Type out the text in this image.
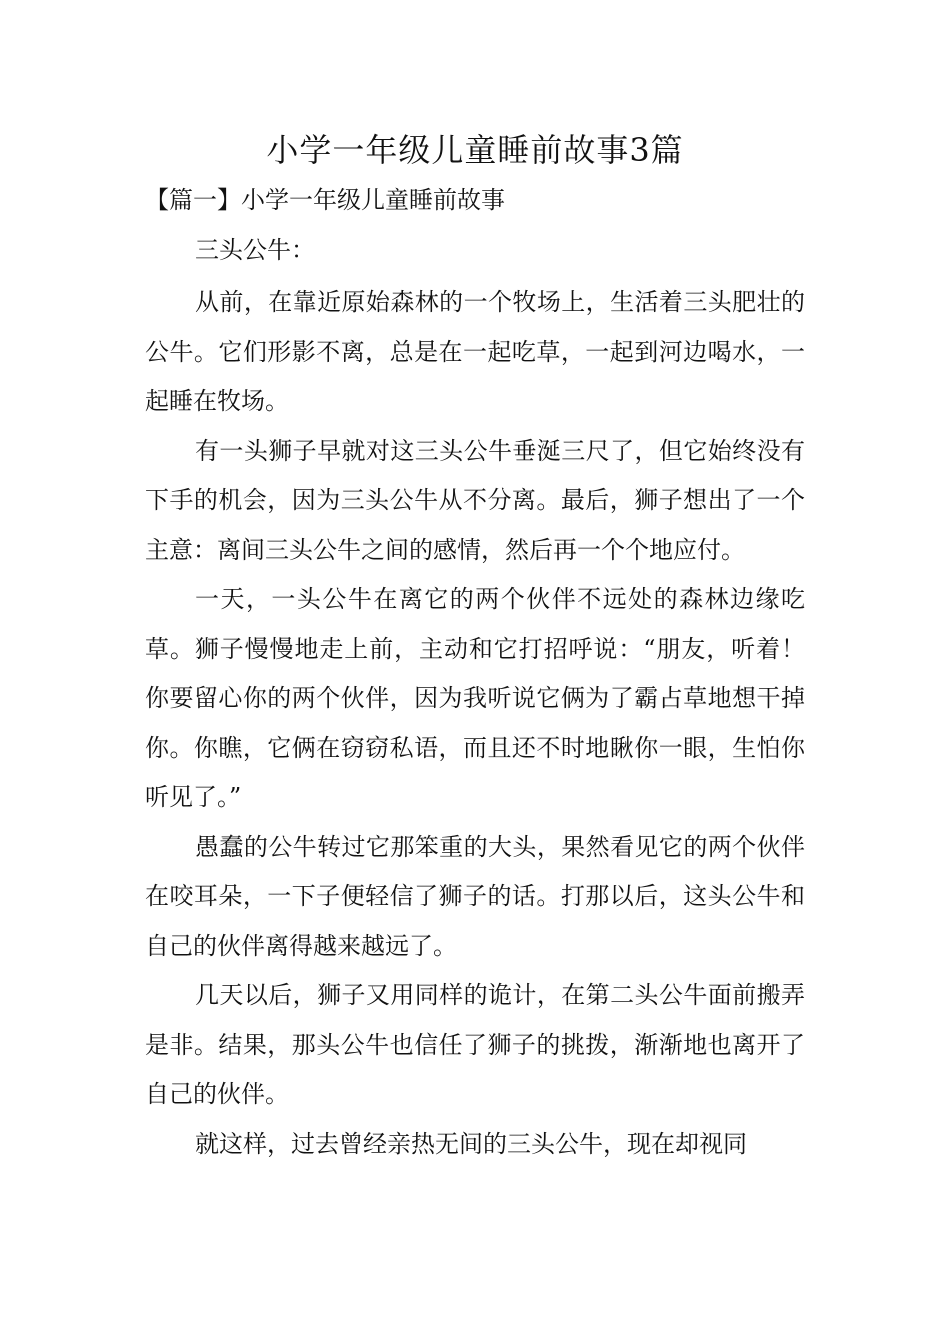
小学一年级儿童睡前故事3篇
【篇一】小学一年级儿童睡前故事
三头公牛：

从前，在靠近原始森林的一个牧场上，生活着三头肥壮的公牛。它们形影不离，总是在一起吃草，一起到河边喝水，一起睡在牧场。

有一头狮子早就对这三头公牛垂涎三尺了，但它始终没有下手的机会，因为三头公牛从不分离。最后，狮子想出了一个主意：离间三头公牛之间的感情，然后再一个个地应付。

一天，一头公牛在离它的两个伙伴不远处的森林边缘吃草。狮子慢慢地走上前，主动和它打招呼说：“朋友，听着！你要留心你的两个伙伴，因为我听说它俩为了霸占草地想干掉你。你瞧，它俩在窃窃私语，而且还不时地瞅你一眼，生怕你听见了。”

愚蠢的公牛转过它那笨重的大头，果然看见它的两个伙伴在咬耳朵，一下子便轻信了狮子的话。打那以后，这头公牛和自己的伙伴离得越来越远了。

几天以后，狮子又用同样的诡计，在第二头公牛面前搬弄是非。结果，那头公牛也信任了狮子的挑拨，渐渐地也离开了自己的伙伴。

就这样，过去曾经亲热无间的三头公牛，现在却视同
